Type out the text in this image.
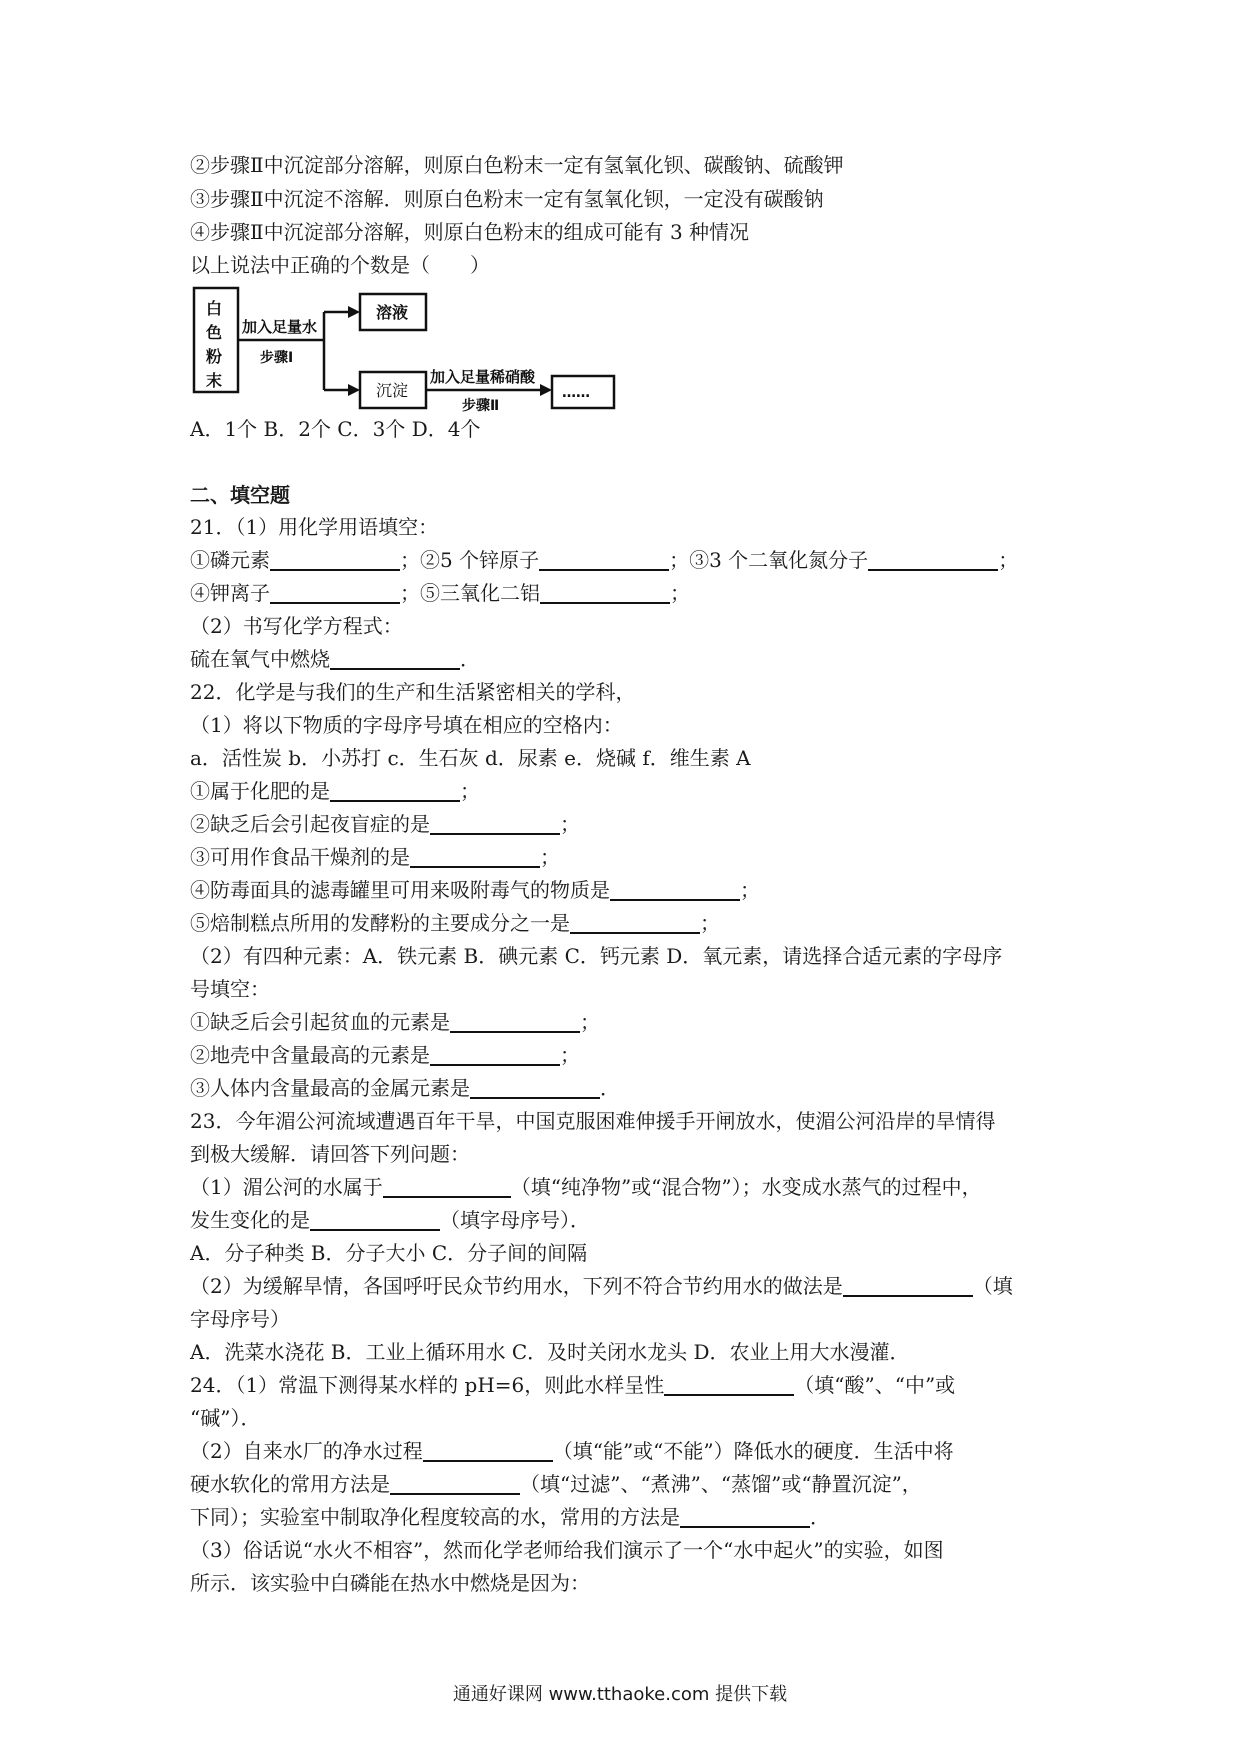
②步骤Ⅱ中沉淀部分溶解，则原白色粉末一定有氢氧化钡、碳酸钠、硫酸钾
③步骤Ⅱ中沉淀不溶解．则原白色粉末一定有氢氧化钡，一定没有碳酸钠
④步骤Ⅱ中沉淀部分溶解，则原白色粉末的组成可能有 3 种情况
以上说法中正确的个数是（　　）
白
色
粉
末
加入足量水
步骤Ⅰ
溶液
沉淀
加入足量稀硝酸
步骤Ⅱ
……
A．1个 B．2个 C．3个 D．4个
二、填空题
21．（1）用化学用语填空：
①磷元素	；②5 个锌原子	；③3 个二氧化氮分子	；
④钾离子	；⑤三氧化二铝	；
（2）书写化学方程式：
硫在氧气中燃烧	．
22．化学是与我们的生产和生活紧密相关的学科，
（1）将以下物质的字母序号填在相应的空格内：
a．活性炭 b．小苏打 c．生石灰 d．尿素 e．烧碱 f．维生素 A
①属于化肥的是	；
②缺乏后会引起夜盲症的是	；
③可用作食品干燥剂的是	；
④防毒面具的滤毒罐里可用来吸附毒气的物质是	；
⑤焙制糕点所用的发酵粉的主要成分之一是	；
（2）有四种元素：A．铁元素 B．碘元素 C．钙元素 D．氧元素，请选择合适元素的字母序
号填空：
①缺乏后会引起贫血的元素是	；
②地壳中含量最高的元素是	；
③人体内含量最高的金属元素是	．
23．今年湄公河流域遭遇百年干旱，中国克服困难伸援手开闸放水，使湄公河沿岸的旱情得
到极大缓解．请回答下列问题：
（1）湄公河的水属于	（填“纯净物”或“混合物”）；水变成水蒸气的过程中，
发生变化的是	（填字母序号）．
A．分子种类 B．分子大小 C．分子间的间隔
（2）为缓解旱情，各国呼吁民众节约用水，下列不符合节约用水的做法是	（填
字母序号）
A．洗菜水浇花 B．工业上循环用水 C．及时关闭水龙头 D．农业上用大水漫灌．
24．（1）常温下测得某水样的 pH=6，则此水样呈性	（填“酸”、“中”或
“碱”）．
（2）自来水厂的净水过程	（填“能”或“不能”）降低水的硬度．生活中将
硬水软化的常用方法是	（填“过滤”、“煮沸”、“蒸馏”或“静置沉淀”，
下同）；实验室中制取净化程度较高的水，常用的方法是	．
（3）俗话说“水火不相容”，然而化学老师给我们演示了一个“水中起火”的实验，如图
所示．该实验中白磷能在热水中燃烧是因为：
通通好课网 www.tthaoke.com 提供下载
